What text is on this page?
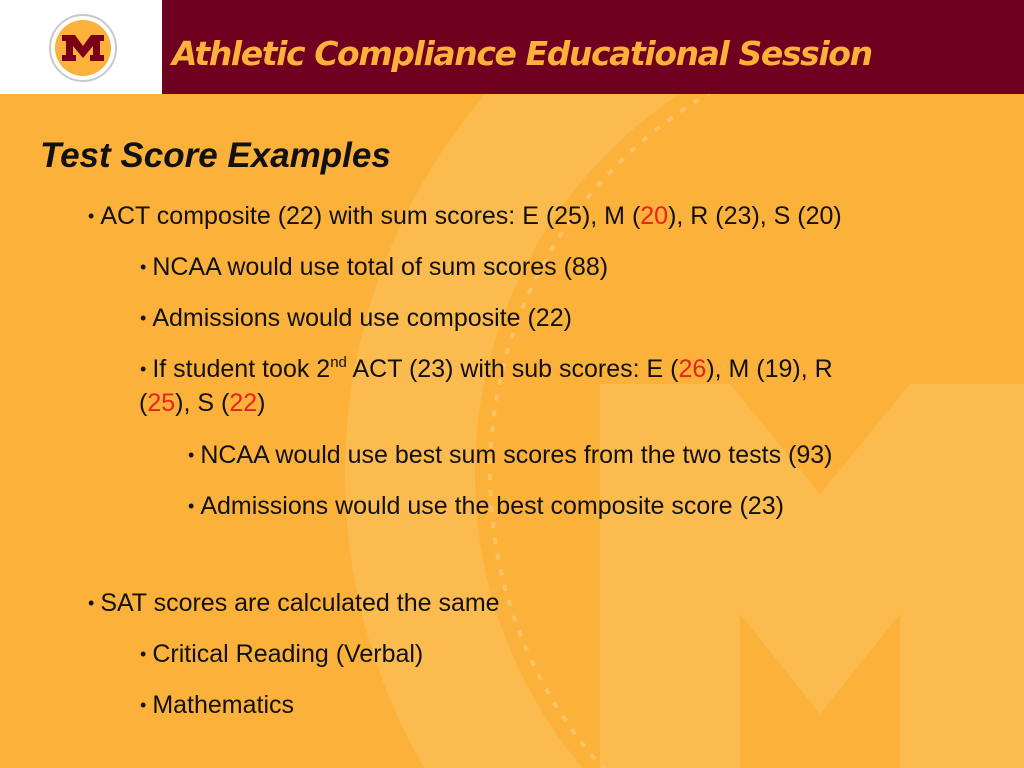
Athletic Compliance Educational Session
Test Score Examples
• ACT composite (22) with sum scores: E (25), M (20), R (23), S (20)
• NCAA would use total of sum scores (88)
• Admissions would use composite (22)
• If student took 2nd ACT (23) with sub scores: E (26), M (19), R
(25), S (22)
• NCAA would use best sum scores from the two tests (93)
• Admissions would use the best composite score (23)
• SAT scores are calculated the same
• Critical Reading (Verbal)
• Mathematics
